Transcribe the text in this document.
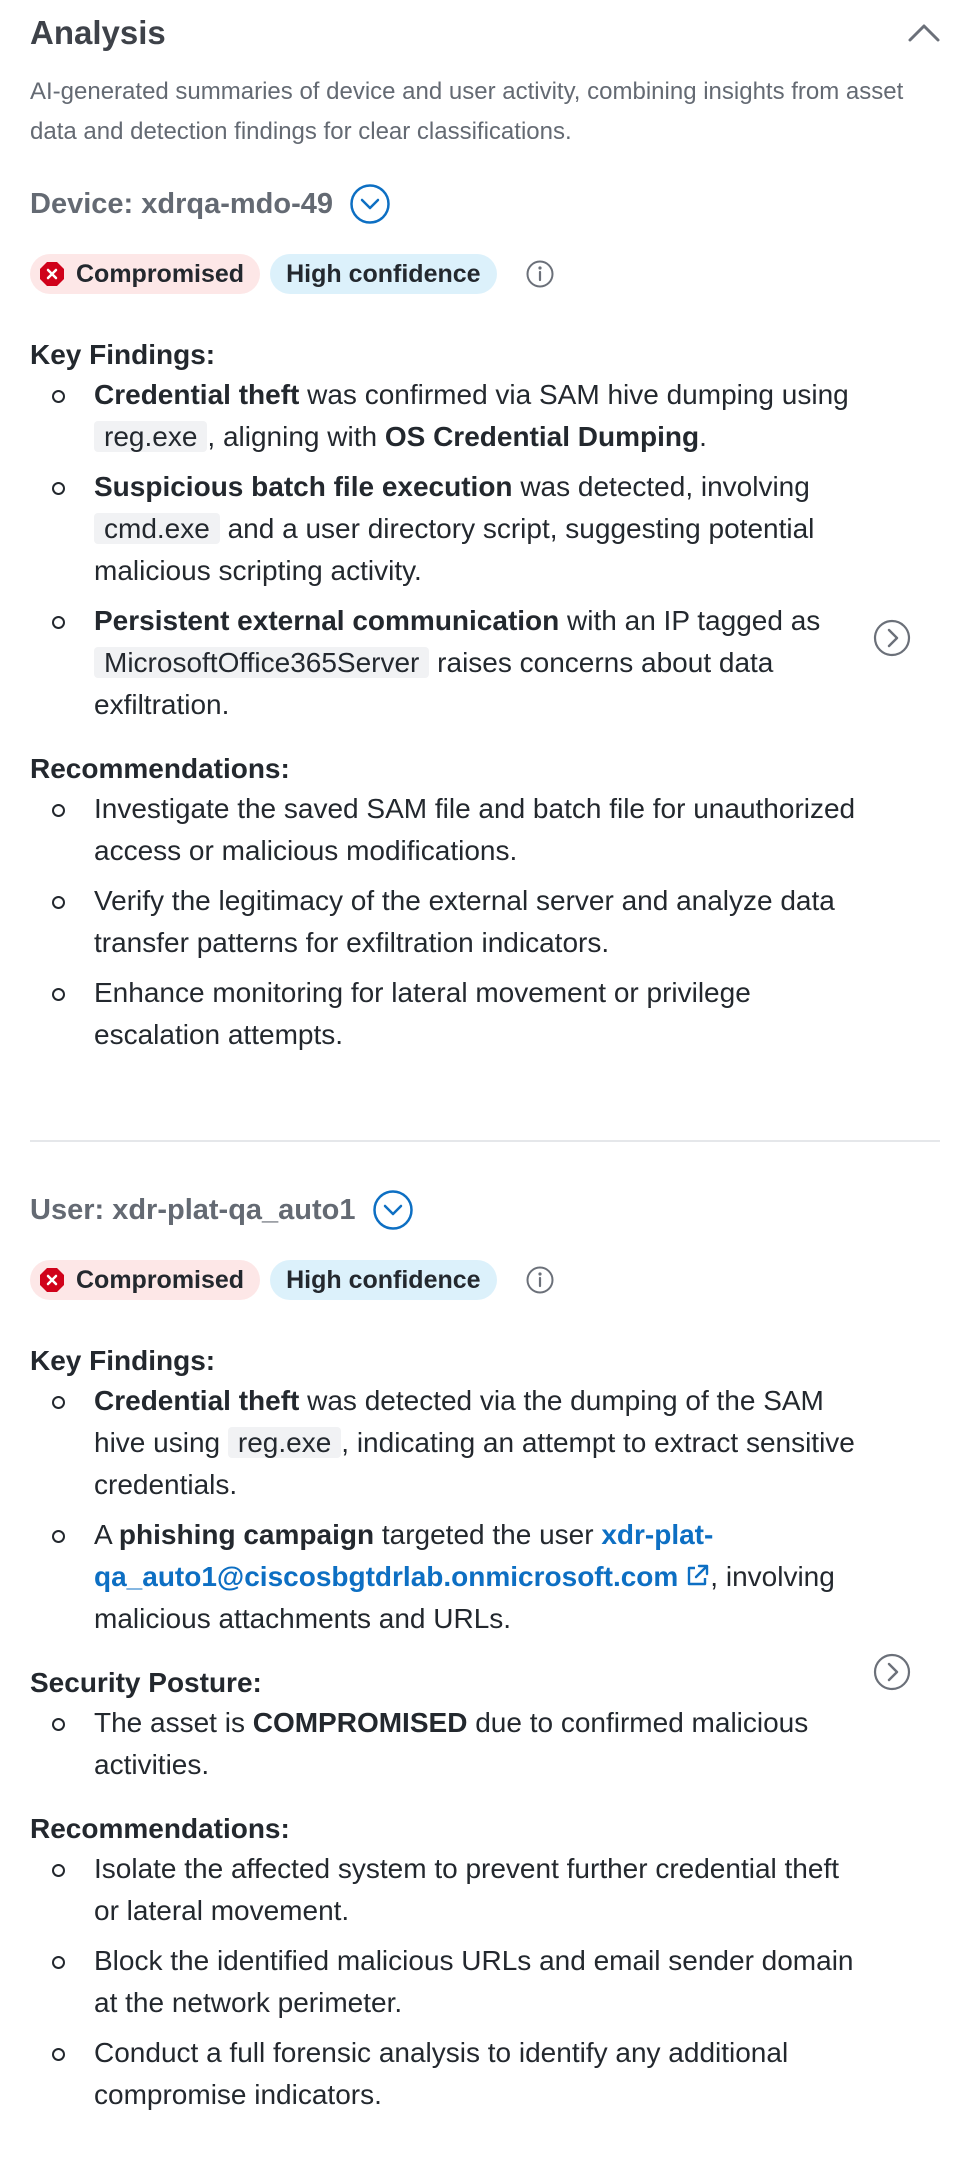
Analysis
AI-generated summaries of device and user activity, combining insights from asset data and detection findings for clear classifications.
Device: xdrqa-mdo-49
Compromised	High confidence
Key Findings:
Credential theft was confirmed via SAM hive dumping using reg.exe , aligning with OS Credential Dumping.
Suspicious batch file execution was detected, involving cmd.exe and a user directory script, suggesting potential malicious scripting activity.
Persistent external communication with an IP tagged as MicrosoftOffice365Server raises concerns about data exfiltration.
Recommendations:
Investigate the saved SAM file and batch file for unauthorized access or malicious modifications.
Verify the legitimacy of the external server and analyze data transfer patterns for exfiltration indicators.
Enhance monitoring for lateral movement or privilege escalation attempts.
User: xdr-plat-qa_auto1
Compromised	High confidence
Key Findings:
Credential theft was detected via the dumping of the SAM hive using reg.exe , indicating an attempt to extract sensitive credentials.
A phishing campaign targeted the user xdr-plat-qa_auto1@ciscosbgtdrlab.onmicrosoft.com , involving malicious attachments and URLs.
Security Posture:
The asset is COMPROMISED due to confirmed malicious activities.
Recommendations:
Isolate the affected system to prevent further credential theft or lateral movement.
Block the identified malicious URLs and email sender domain at the network perimeter.
Conduct a full forensic analysis to identify any additional compromise indicators.
